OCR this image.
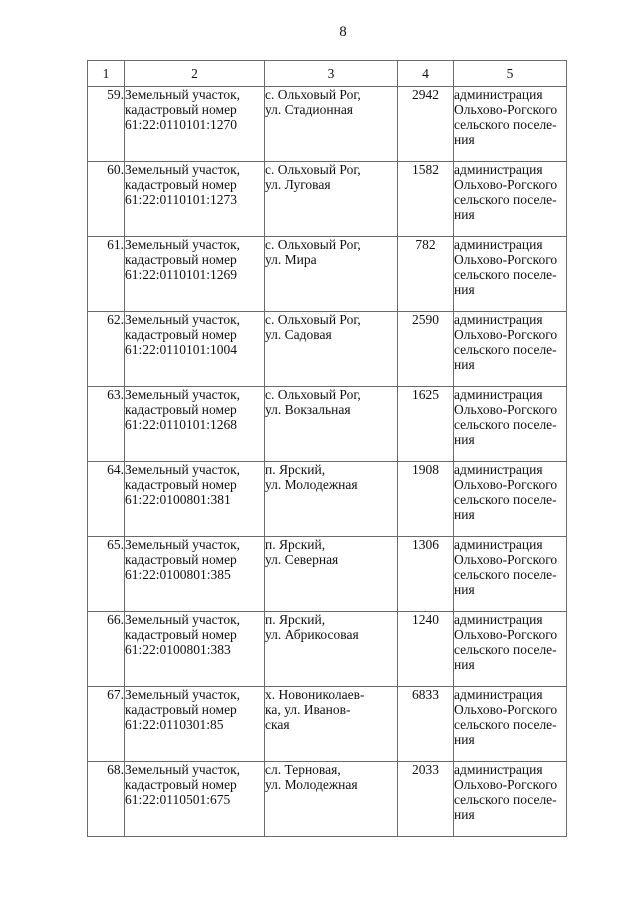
8
1	2	3	4	5
59.	Земельный участок,
кадастровый номер
61:22:0110101:1270	с. Ольховый Рог,
ул. Стадионная	2942	администрация
Ольхово-Рогского
сельского поселе-
ния

60.	Земельный участок,
кадастровый номер
61:22:0110101:1273	с. Ольховый Рог,
ул. Луговая	1582	администрация
Ольхово-Рогского
сельского поселе-
ния

61.	Земельный участок,
кадастровый номер
61:22:0110101:1269	с. Ольховый Рог,
ул. Мира	782	администрация
Ольхово-Рогского
сельского поселе-
ния

62.	Земельный участок,
кадастровый номер
61:22:0110101:1004	с. Ольховый Рог,
ул. Садовая	2590	администрация
Ольхово-Рогского
сельского поселе-
ния

63.	Земельный участок,
кадастровый номер
61:22:0110101:1268	с. Ольховый Рог,
ул. Вокзальная	1625	администрация
Ольхово-Рогского
сельского поселе-
ния

64.	Земельный участок,
кадастровый номер
61:22:0100801:381	п. Ярский,
ул. Молодежная	1908	администрация
Ольхово-Рогского
сельского поселе-
ния

65.	Земельный участок,
кадастровый номер
61:22:0100801:385	п. Ярский,
ул. Северная	1306	администрация
Ольхово-Рогского
сельского поселе-
ния

66.	Земельный участок,
кадастровый номер
61:22:0100801:383	п. Ярский,
ул. Абрикосовая	1240	администрация
Ольхово-Рогского
сельского поселе-
ния

67.	Земельный участок,
кадастровый номер
61:22:0110301:85	х. Новониколаев-
ка, ул. Иванов-
ская	6833	администрация
Ольхово-Рогского
сельского поселе-
ния

68.	Земельный участок,
кадастровый номер
61:22:0110501:675	сл. Терновая,
ул. Молодежная	2033	администрация
Ольхово-Рогского
сельского поселе-
ния
